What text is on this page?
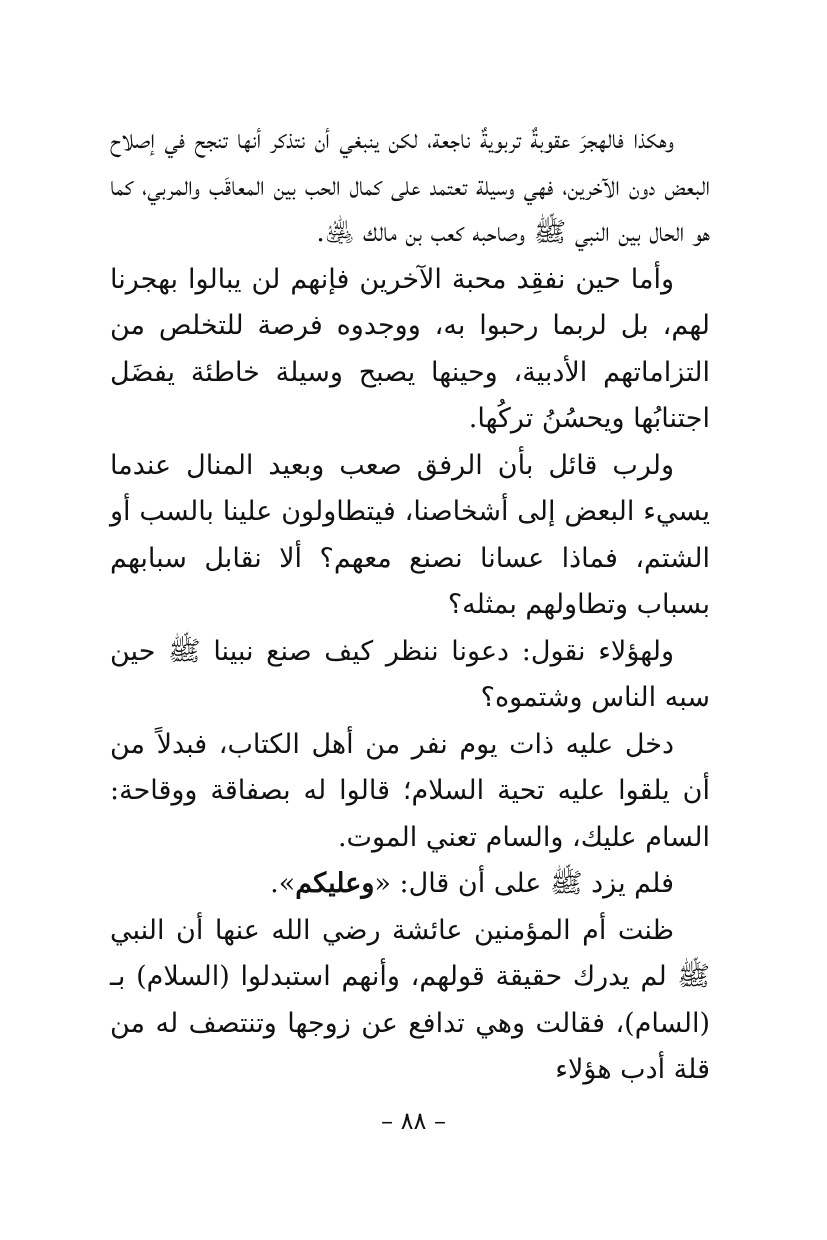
وهكذا فالهجرَ عقوبةٌ تربويةٌ ناجعة، لكن ينبغي أن نتذكر أنها تنجح في إصلاح البعض دون الآخرين، فهي وسيلة تعتمد على كمال الحب بين المعاقَب والمربي، كما هو الحال بين النبي ﷺ وصاحبه كعب بن مالك ﵁.

وأما حين نفقِد محبة الآخرين فإنهم لن يبالوا بهجرنا لهم، بل لربما رحبوا به، ووجدوه فرصة للتخلص من التزاماتهم الأدبية، وحينها يصبح وسيلة خاطئة يفضَل اجتنابُها ويحسُنُ تركُها.

ولرب قائل بأن الرفق صعب وبعيد المنال عندما يسيء البعض إلى أشخاصنا، فيتطاولون علينا بالسب أو الشتم، فماذا عسانا نصنع معهم؟ ألا نقابل سبابهم بسباب وتطاولهم بمثله؟

ولهؤلاء نقول: دعونا ننظر كيف صنع نبينا ﷺ حين سبه الناس وشتموه؟

دخل عليه ذات يوم نفر من أهل الكتاب، فبدلاً من أن يلقوا عليه تحية السلام؛ قالوا له بصفاقة ووقاحة: السام عليك، والسام تعني الموت.

فلم يزد ﷺ على أن قال: «وعليكم».

ظنت أم المؤمنين عائشة رضي الله عنها أن النبي ﷺ لم يدرك حقيقة قولهم، وأنهم استبدلوا (السلام) بـ (السام)، فقالت وهي تدافع عن زوجها وتنتصف له من قلة أدب هؤلاء

– ٨٨ –
